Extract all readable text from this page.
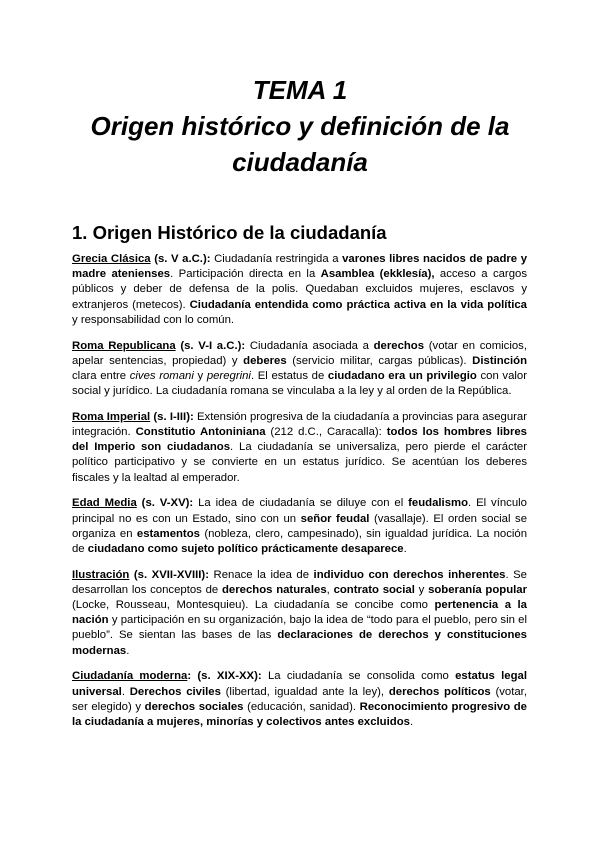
TEMA 1
Origen histórico y definición de la
ciudadanía
1. Origen Histórico de la ciudadanía

Grecia Clásica (s. V a.C.): Ciudadanía restringida a varones libres nacidos de padre y madre atenienses. Participación directa en la Asamblea (ekklesía), acceso a cargos públicos y deber de defensa de la polis. Quedaban excluidos mujeres, esclavos y extranjeros (metecos). Ciudadanía entendida como práctica activa en la vida política y responsabilidad con lo común.

Roma Republicana (s. V-I a.C.): Ciudadanía asociada a derechos (votar en comicios, apelar sentencias, propiedad) y deberes (servicio militar, cargas públicas). Distinción clara entre cives romani y peregrini. El estatus de ciudadano era un privilegio con valor social y jurídico. La ciudadanía romana se vinculaba a la ley y al orden de la República.

Roma Imperial (s. I-III): Extensión progresiva de la ciudadanía a provincias para asegurar integración. Constitutio Antoniniana (212 d.C., Caracalla): todos los hombres libres del Imperio son ciudadanos. La ciudadanía se universaliza, pero pierde el carácter político participativo y se convierte en un estatus jurídico. Se acentúan los deberes fiscales y la lealtad al emperador.

Edad Media (s. V-XV): La idea de ciudadanía se diluye con el feudalismo. El vínculo principal no es con un Estado, sino con un señor feudal (vasallaje). El orden social se organiza en estamentos (nobleza, clero, campesinado), sin igualdad jurídica. La noción de ciudadano como sujeto político prácticamente desaparece.

Ilustración (s. XVII-XVIII): Renace la idea de individuo con derechos inherentes. Se desarrollan los conceptos de derechos naturales, contrato social y soberanía popular (Locke, Rousseau, Montesquieu). La ciudadanía se concibe como pertenencia a la nación y participación en su organización, bajo la idea de “todo para el pueblo, pero sin el pueblo”. Se sientan las bases de las declaraciones de derechos y constituciones modernas.

Ciudadanía moderna: (s. XIX-XX): La ciudadanía se consolida como estatus legal universal. Derechos civiles (libertad, igualdad ante la ley), derechos políticos (votar, ser elegido) y derechos sociales (educación, sanidad). Reconocimiento progresivo de la ciudadanía a mujeres, minorías y colectivos antes excluidos.
